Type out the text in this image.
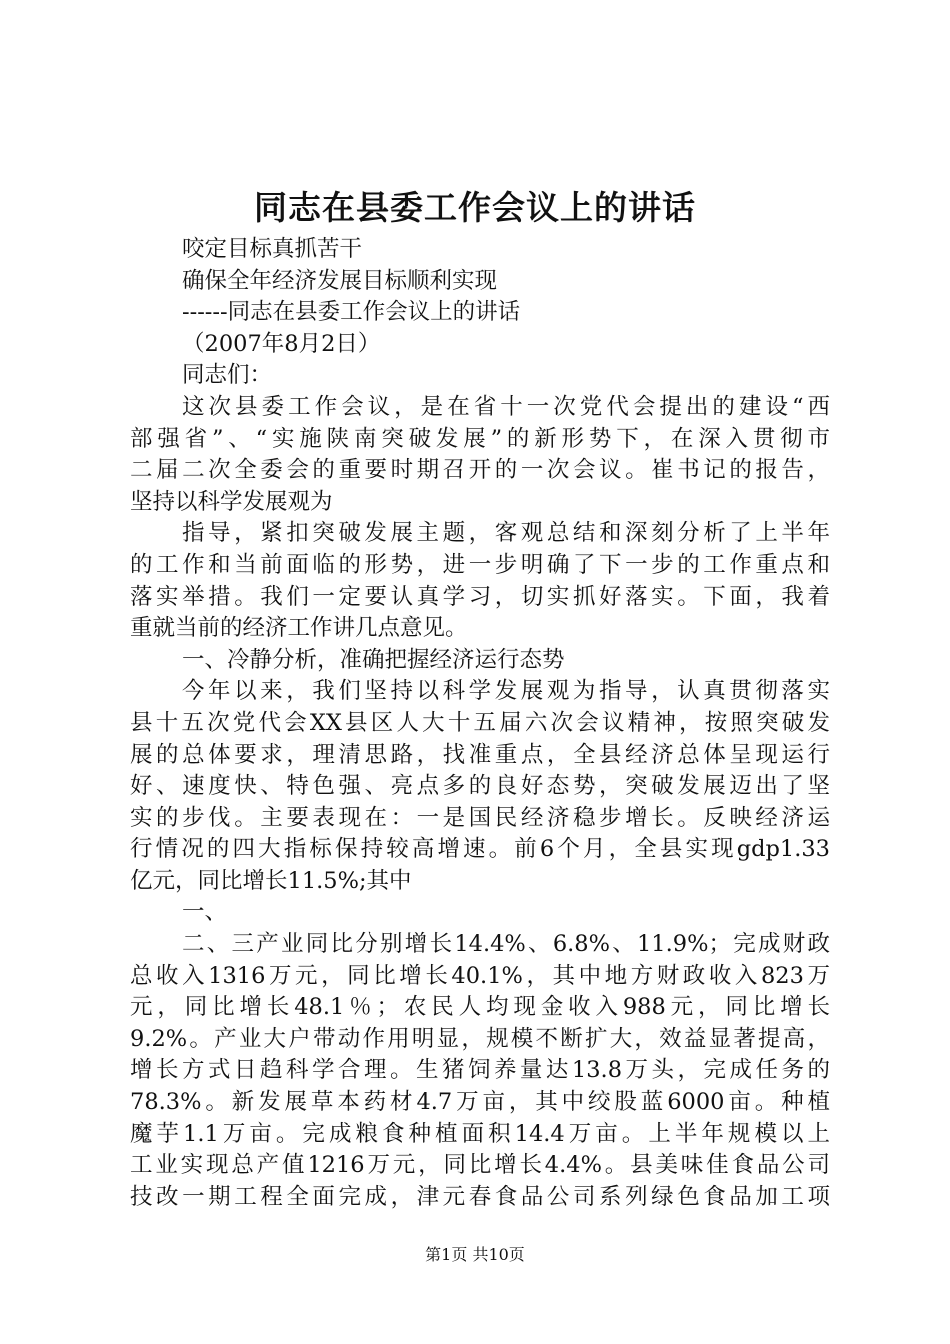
同志在县委工作会议上的讲话
咬定目标真抓苦干
确保全年经济发展目标顺利实现
------同志在县委工作会议上的讲话
（2007年8月2日）
同志们：
这次县委工作会议，是在省十一次党代会提出的建设“西
部强省”、“实施陕南突破发展”的新形势下，在深入贯彻市
二届二次全委会的重要时期召开的一次会议。崔书记的报告，
坚持以科学发展观为
指导，紧扣突破发展主题，客观总结和深刻分析了上半年
的工作和当前面临的形势，进一步明确了下一步的工作重点和
落实举措。我们一定要认真学习，切实抓好落实。下面，我着
重就当前的经济工作讲几点意见。
一、冷静分析，准确把握经济运行态势
今年以来，我们坚持以科学发展观为指导，认真贯彻落实
县十五次党代会XX县区人大十五届六次会议精神，按照突破发
展的总体要求，理清思路，找准重点，全县经济总体呈现运行
好、速度快、特色强、亮点多的良好态势，突破发展迈出了坚
实的步伐。主要表现在：一是国民经济稳步增长。反映经济运
行情况的四大指标保持较高增速。前6个月，全县实现gdp1.33
亿元，同比增长11.5%;其中
一、
二、三产业同比分别增长14.4%、6.8%、11.9%；完成财政
总收入1316万元，同比增长40.1%，其中地方财政收入823万
元，同比增长48.1％；农民人均现金收入988元，同比增长
9.2%。产业大户带动作用明显，规模不断扩大，效益显著提高，
增长方式日趋科学合理。生猪饲养量达13.8万头，完成任务的
78.3%。新发展草本药材4.7万亩，其中绞股蓝6000亩。种植
魔芋1.1万亩。完成粮食种植面积14.4万亩。上半年规模以上
工业实现总产值1216万元，同比增长4.4%。县美味佳食品公司
技改一期工程全面完成，津元春食品公司系列绿色食品加工项
第1页 共10页
